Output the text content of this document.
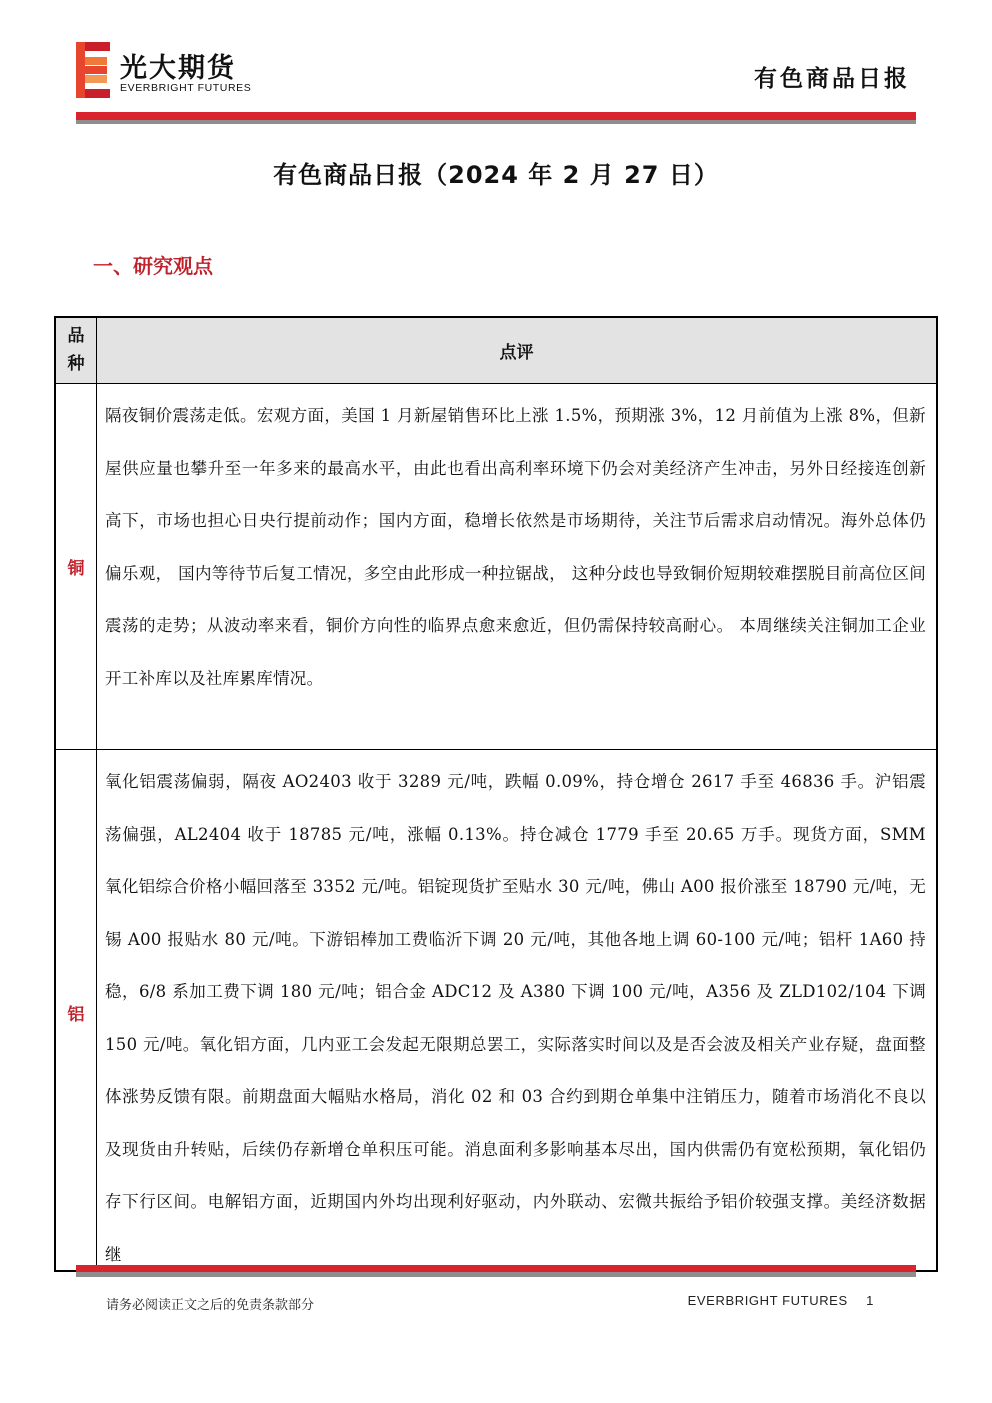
光大期货
EVERBRIGHT FUTURES	有色商品日报
有色商品日报（2024 年 2 月 27 日）
一、研究观点
品
种
点评
铜
隔夜铜价震荡走低。宏观方面，美国 1 月新屋销售环比上涨 1.5%，预期涨 3%，12 月前值为上涨 8%，但新屋供应量也攀升至一年多来的最高水平，由此也看出高利率环境下仍会对美经济产生冲击，另外日经接连创新高下，市场也担心日央行提前动作；国内方面，稳增长依然是市场期待，关注节后需求启动情况。海外总体仍偏乐观， 国内等待节后复工情况，多空由此形成一种拉锯战， 这种分歧也导致铜价短期较难摆脱目前高位区间震荡的走势；从波动率来看，铜价方向性的临界点愈来愈近，但仍需保持较高耐心。 本周继续关注铜加工企业开工补库以及社库累库情况。
铝
氧化铝震荡偏弱，隔夜 AO2403 收于 3289 元/吨，跌幅 0.09%，持仓增仓 2617 手至 46836 手。沪铝震荡偏强，AL2404 收于 18785 元/吨，涨幅 0.13%。持仓减仓 1779 手至 20.65 万手。现货方面，SMM 氧化铝综合价格小幅回落至 3352 元/吨。铝锭现货扩至贴水 30 元/吨，佛山 A00 报价涨至 18790 元/吨，无锡 A00 报贴水 80 元/吨。下游铝棒加工费临沂下调 20 元/吨，其他各地上调 60-100 元/吨；铝杆 1A60 持稳，6/8 系加工费下调 180 元/吨；铝合金 ADC12 及 A380 下调 100 元/吨，A356 及 ZLD102/104 下调 150 元/吨。氧化铝方面，几内亚工会发起无限期总罢工，实际落实时间以及是否会波及相关产业存疑，盘面整体涨势反馈有限。前期盘面大幅贴水格局，消化 02 和 03 合约到期仓单集中注销压力，随着市场消化不良以及现货由升转贴，后续仍存新增仓单积压可能。消息面利多影响基本尽出，国内供需仍有宽松预期，氧化铝仍存下行区间。电解铝方面，近期国内外均出现利好驱动，内外联动、宏微共振给予铝价较强支撑。美经济数据继
请务必阅读正文之后的免责条款部分	EVERBRIGHT FUTURES 1
